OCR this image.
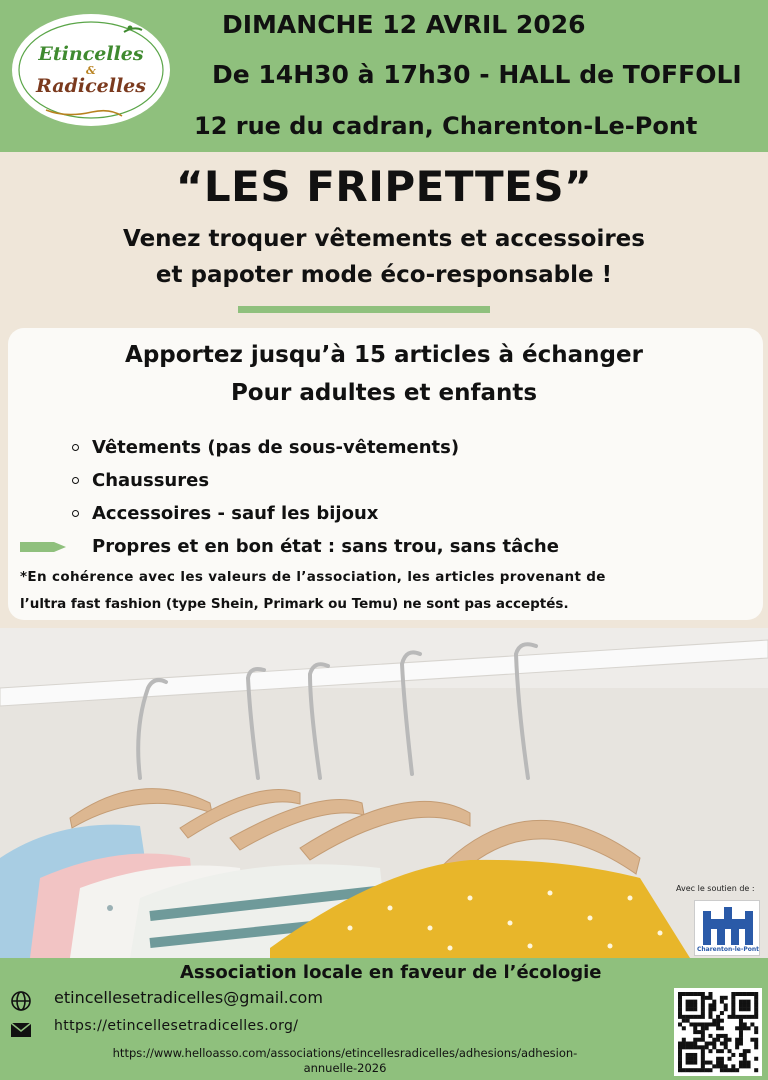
Etincelles
&
Radicelles
DIMANCHE 12 AVRIL 2026
De 14H30 à 17h30 - HALL de TOFFOLI
12 rue du cadran, Charenton-Le-Pont
“LES FRIPETTES”
Venez troquer vêtements et accessoires
et papoter mode éco-responsable !
Apportez jusqu’à 15 articles à échanger
Pour adultes et enfants
Vêtements (pas de sous-vêtements)
Chaussures
Accessoires - sauf les bijoux
Propres et en bon état : sans trou, sans tâche
*En cohérence avec les valeurs de l’association, les articles provenant de
l’ultra fast fashion (type Shein, Primark ou Temu) ne sont pas acceptés.
Avec le soutien de :
Charenton-le-Pont
Association locale en faveur de l’écologie
etincellesetradicelles@gmail.com
https://etincellesetradicelles.org/
https://www.helloasso.com/associations/etincellesradicelles/adhesions/adhesion-
annuelle-2026
